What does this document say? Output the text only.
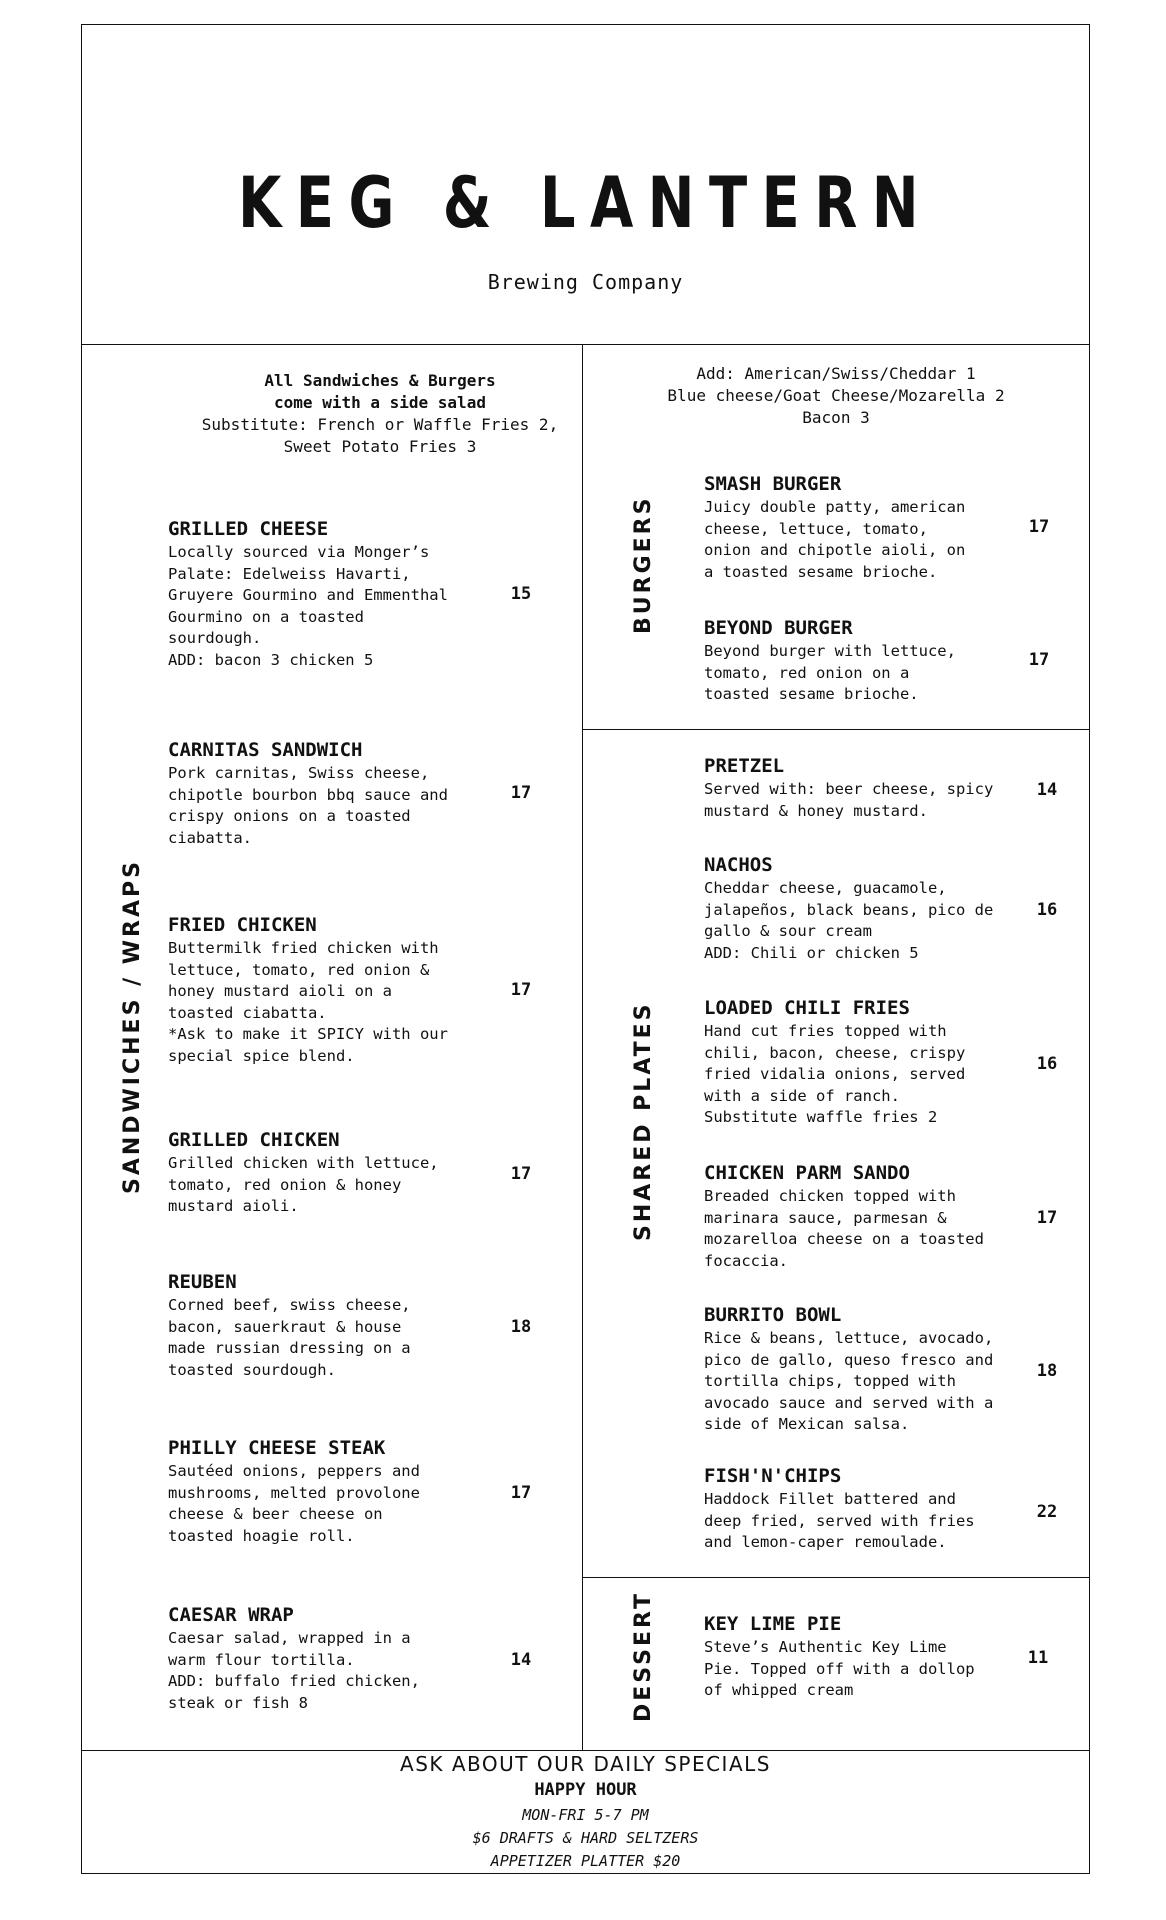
KEG & LANTERN
Brewing Company
All Sandwiches & Burgers
come with a side salad
Substitute: French or Waffle Fries 2,
Sweet Potato Fries 3
Add: American/Swiss/Cheddar 1
Blue cheese/Goat Cheese/Mozarella 2
Bacon 3
SANDWICHES / WRAPS
BURGERS
SHARED PLATES
DESSERT
GRILLED CHEESE
Locally sourced via Monger’s
Palate: Edelweiss Havarti,
Gruyere Gourmino and Emmenthal
Gourmino on a toasted
sourdough.
ADD: bacon 3 chicken 5
15
CARNITAS SANDWICH
Pork carnitas, Swiss cheese,
chipotle bourbon bbq sauce and
crispy onions on a toasted
ciabatta.
17
FRIED CHICKEN
Buttermilk fried chicken with
lettuce, tomato, red onion &
honey mustard aioli on a
toasted ciabatta.
*Ask to make it SPICY with our
special spice blend.
17
GRILLED CHICKEN
Grilled chicken with lettuce,
tomato, red onion & honey
mustard aioli.
17
REUBEN
Corned beef, swiss cheese,
bacon, sauerkraut & house
made russian dressing on a
toasted sourdough.
18
PHILLY CHEESE STEAK
Sautéed onions, peppers and
mushrooms, melted provolone
cheese & beer cheese on
toasted hoagie roll.
17
CAESAR WRAP
Caesar salad, wrapped in a
warm flour tortilla.
ADD: buffalo fried chicken,
steak or fish 8
14
SMASH BURGER
Juicy double patty, american
cheese, lettuce, tomato,
onion and chipotle aioli, on
a toasted sesame brioche.
17
BEYOND BURGER
Beyond burger with lettuce,
tomato, red onion on a
toasted sesame brioche.
17
PRETZEL
Served with: beer cheese, spicy
mustard & honey mustard.
14
NACHOS
Cheddar cheese, guacamole,
jalapeños, black beans, pico de
gallo & sour cream
ADD: Chili or chicken 5
16
LOADED CHILI FRIES
Hand cut fries topped with
chili, bacon, cheese, crispy
fried vidalia onions, served
with a side of ranch.
Substitute waffle fries 2
16
CHICKEN PARM SANDO
Breaded chicken topped with
marinara sauce, parmesan &
mozarelloa cheese on a toasted
focaccia.
17
BURRITO BOWL
Rice & beans, lettuce, avocado,
pico de gallo, queso fresco and
tortilla chips, topped with
avocado sauce and served with a
side of Mexican salsa.
18
FISH'N'CHIPS
Haddock Fillet battered and
deep fried, served with fries
and lemon-caper remoulade.
22
KEY LIME PIE
Steve’s Authentic Key Lime
Pie. Topped off with a dollop
of whipped cream
11
ASK ABOUT OUR DAILY SPECIALS
HAPPY HOUR
MON-FRI 5-7 PM
$6 DRAFTS & HARD SELTZERS
APPETIZER PLATTER $20
